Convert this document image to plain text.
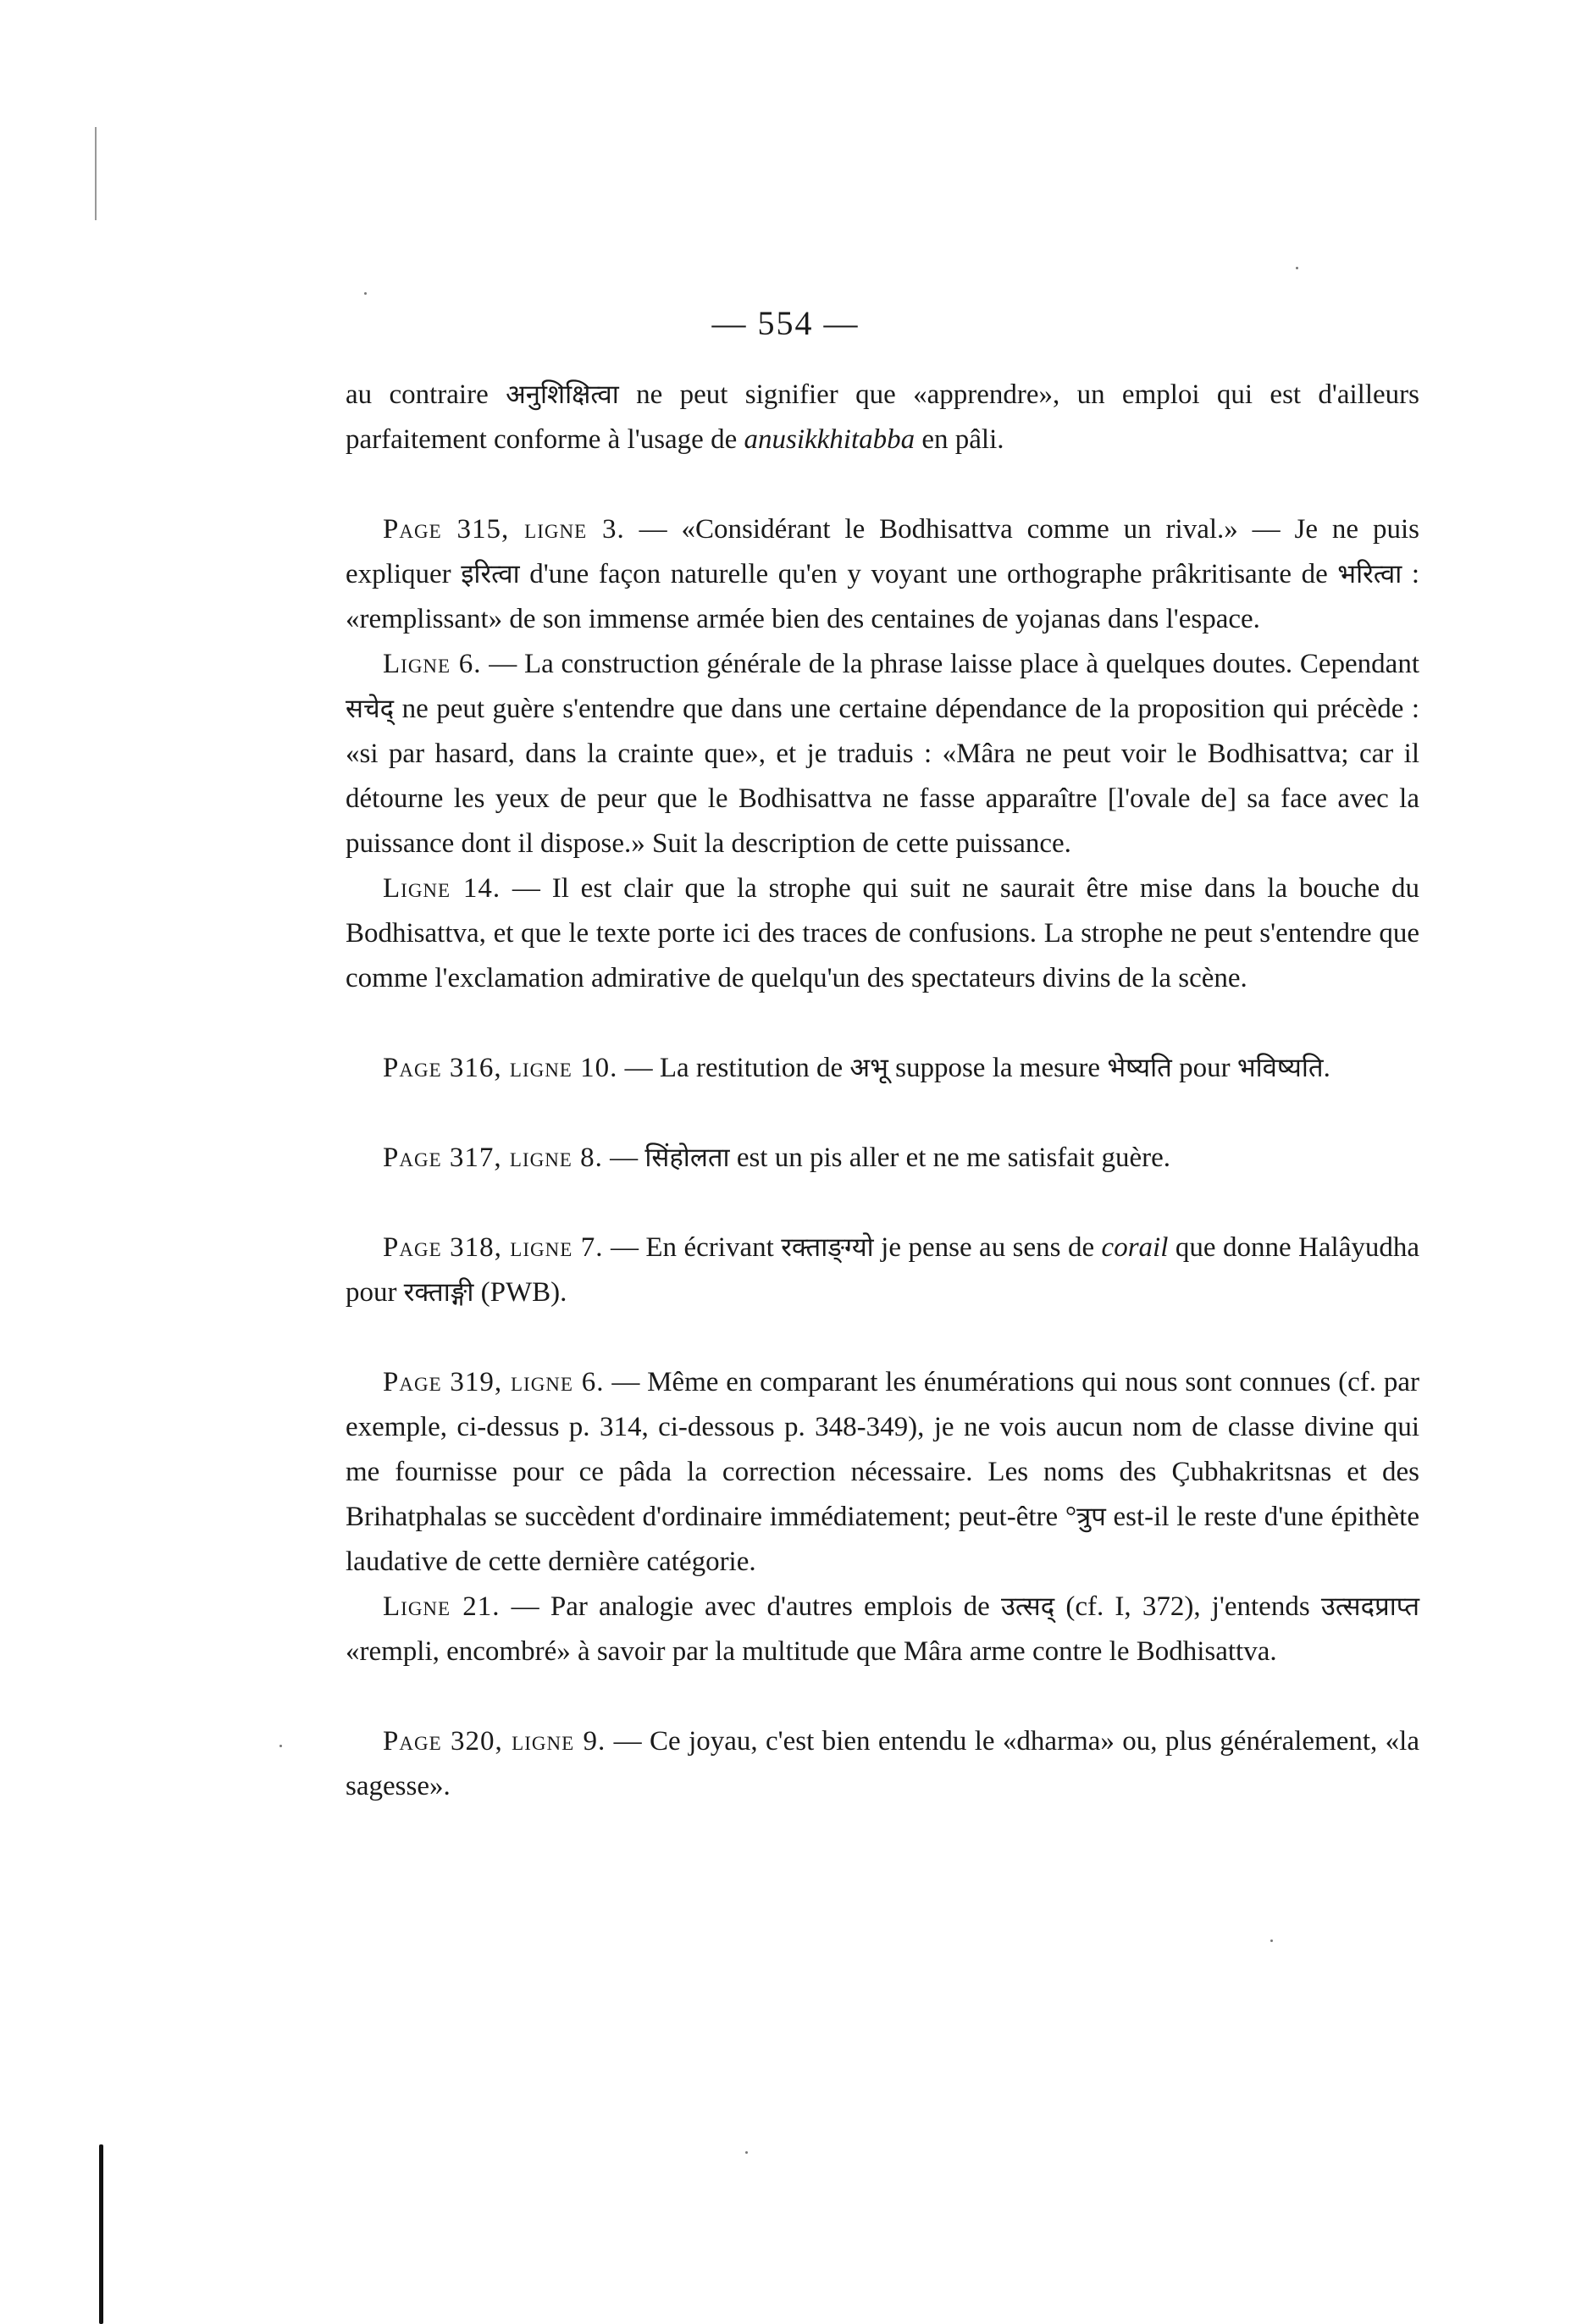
— 554 —

au contraire अनुशिक्षित्वा ne peut signifier que «apprendre», un emploi qui est d'ailleurs parfaitement conforme à l'usage de anusikkhitabba en pâli.

Page 315, ligne 3. — «Considérant le Bodhisattva comme un rival.» — Je ne puis expliquer इरित्वा d'une façon naturelle qu'en y voyant une orthographe prâkritisante de भरित्वा : «remplissant» de son immense armée bien des centaines de yojanas dans l'espace.

Ligne 6. — La construction générale de la phrase laisse place à quelques doutes. Cependant सचेद् ne peut guère s'entendre que dans une certaine dépendance de la proposition qui précède : «si par hasard, dans la crainte que», et je traduis : «Mâra ne peut voir le Bodhisattva; car il détourne les yeux de peur que le Bodhisattva ne fasse apparaître [l'ovale de] sa face avec la puissance dont il dispose.» Suit la description de cette puissance.

Ligne 14. — Il est clair que la strophe qui suit ne saurait être mise dans la bouche du Bodhisattva, et que le texte porte ici des traces de confusions. La strophe ne peut s'entendre que comme l'exclamation admirative de quelqu'un des spectateurs divins de la scène.

Page 316, ligne 10. — La restitution de अभू suppose la mesure भेष्यति pour भविष्यति.

Page 317, ligne 8. — सिंहोलता est un pis aller et ne me satisfait guère.

Page 318, ligne 7. — En écrivant रक्ताङ्ग्यो je pense au sens de corail que donne Halâyudha pour रक्ताङ्गी (PWB).

Page 319, ligne 6. — Même en comparant les énumérations qui nous sont connues (cf. par exemple, ci-dessus p. 314, ci-dessous p. 348-349), je ne vois aucun nom de classe divine qui me fournisse pour ce pâda la correction nécessaire. Les noms des Çubhakritsnas et des Brihatphalas se succèdent d'ordinaire immédiatement; peut-être °त्रुप est-il le reste d'une épithète laudative de cette dernière catégorie.

Ligne 21. — Par analogie avec d'autres emplois de उत्सद् (cf. I, 372), j'entends उत्सदप्राप्त «rempli, encombré» à savoir par la multitude que Mâra arme contre le Bodhisattva.

Page 320, ligne 9. — Ce joyau, c'est bien entendu le «dharma» ou, plus généralement, «la sagesse».
